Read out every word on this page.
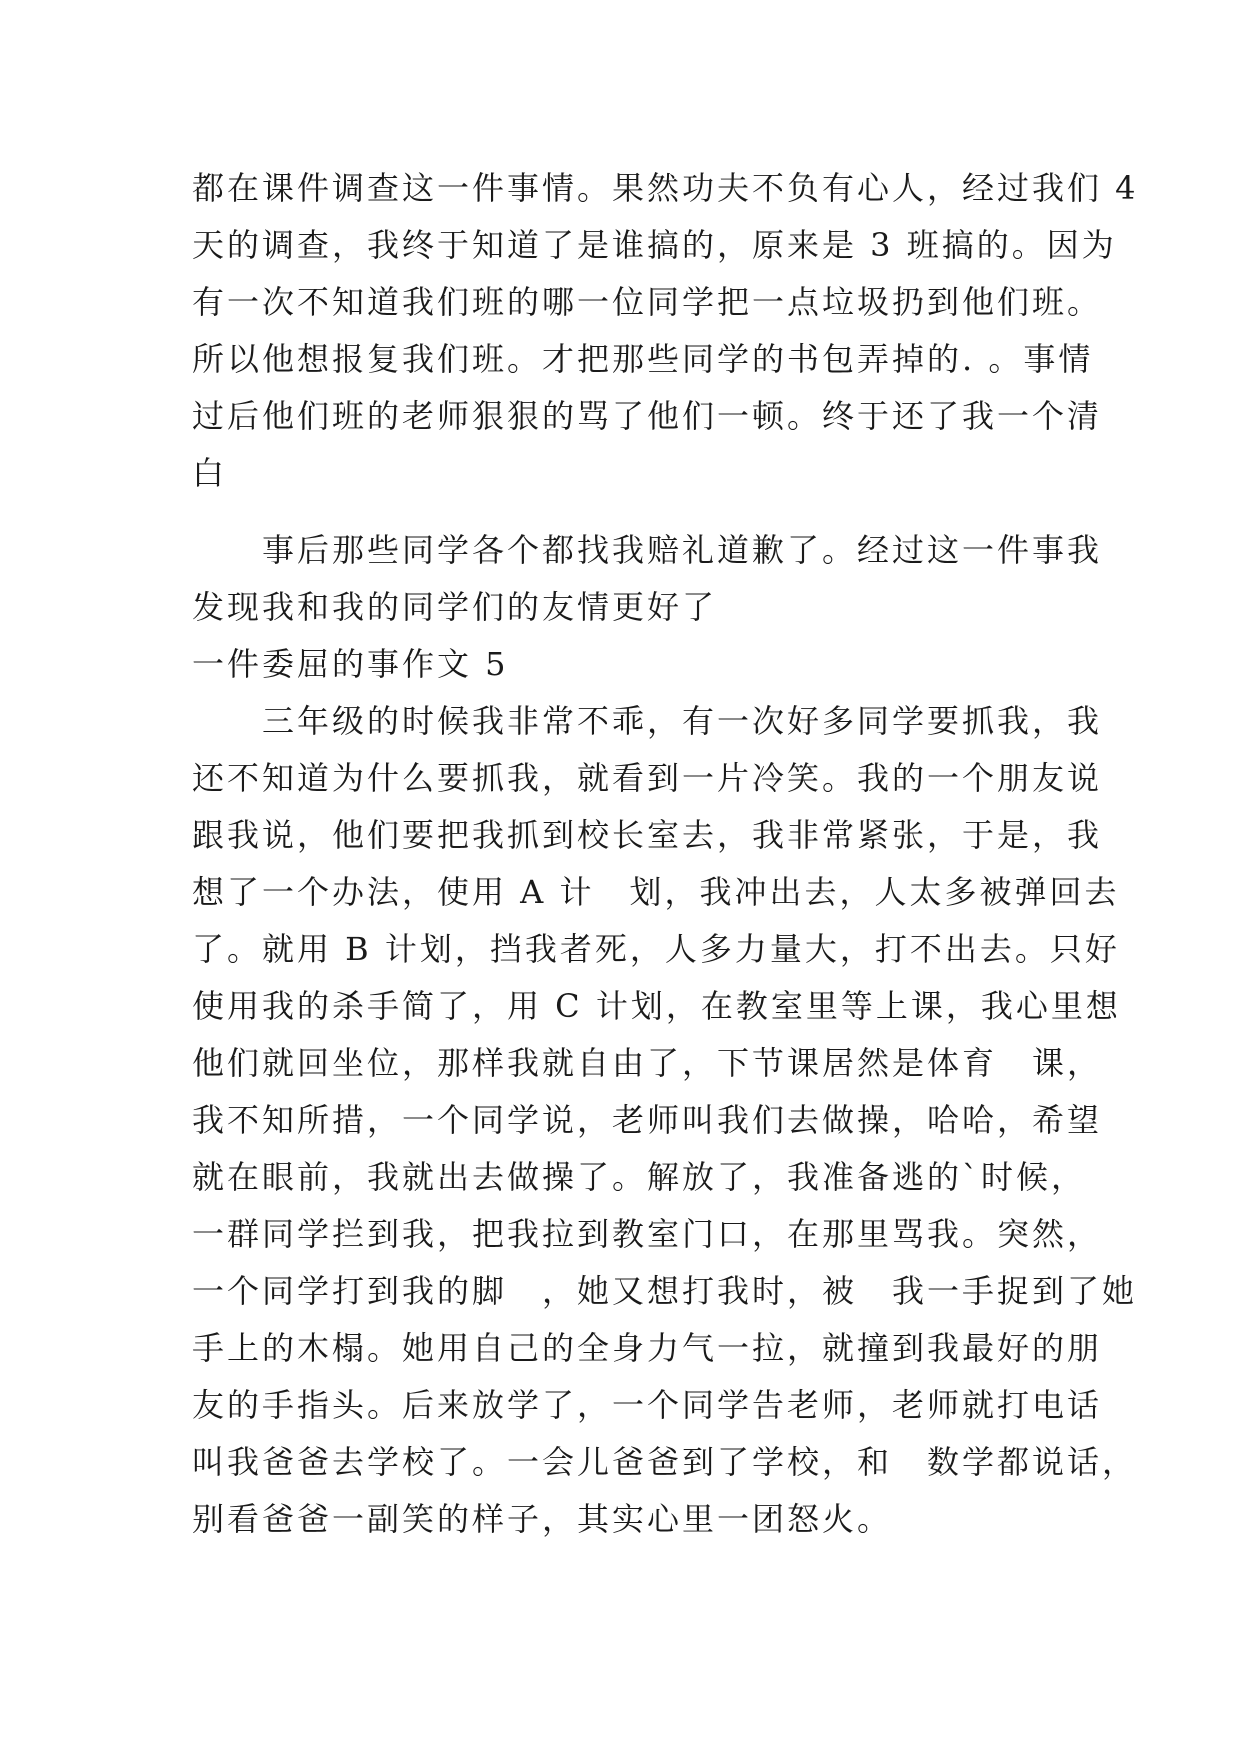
都在课件调查这一件事情。果然功夫不负有心人，经过我们 4
天的调查，我终于知道了是谁搞的，原来是 3 班搞的。因为
有一次不知道我们班的哪一位同学把一点垃圾扔到他们班。
所以他想报复我们班。才把那些同学的书包弄掉的. 。事情
过后他们班的老师狠狠的骂了他们一顿。终于还了我一个清
白
　　事后那些同学各个都找我赔礼道歉了。经过这一件事我
发现我和我的同学们的友情更好了
一件委屈的事作文 5
　　三年级的时候我非常不乖，有一次好多同学要抓我，我
还不知道为什么要抓我，就看到一片冷笑。我的一个朋友说
跟我说，他们要把我抓到校长室去，我非常紧张，于是，我
想了一个办法，使用 A 计　划，我冲出去，人太多被弹回去
了。就用 B 计划，挡我者死，人多力量大，打不出去。只好
使用我的杀手简了，用 C 计划，在教室里等上课，我心里想
他们就回坐位，那样我就自由了，下节课居然是体育　课，
我不知所措，一个同学说，老师叫我们去做操，哈哈，希望
就在眼前，我就出去做操了。解放了，我准备逃的`时候，
一群同学拦到我，把我拉到教室门口，在那里骂我。突然，
一个同学打到我的脚　，她又想打我时，被　我一手捉到了她
手上的木榻。她用自己的全身力气一拉，就撞到我最好的朋
友的手指头。后来放学了，一个同学告老师，老师就打电话
叫我爸爸去学校了。一会儿爸爸到了学校，和　数学都说话，
别看爸爸一副笑的样子，其实心里一团怒火。
